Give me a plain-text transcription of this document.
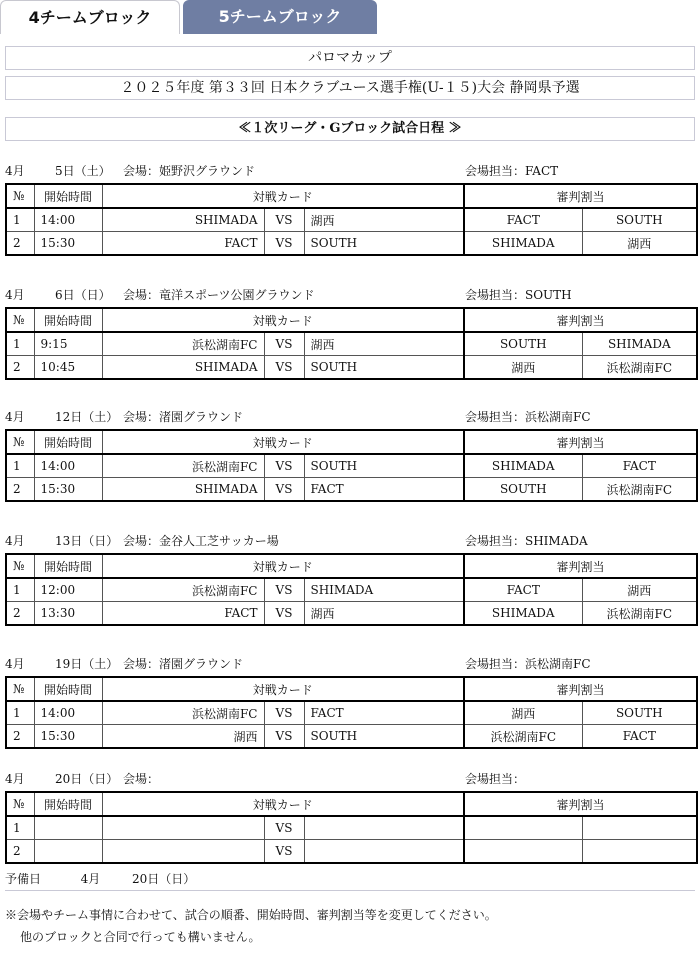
4チームブロック	5チームブロック
パロマカップ
２０２５年度 第３３回 日本クラブユース選手権(U-１５)大会 静岡県予選
≪１次リーグ・Gブロック試合日程 ≫
4月	5日（土） 会場：姫野沢グラウンド	会場担当：FACT
№	開始時間	対戦カード			審判割当	
1	14:00	SHIMADA	VS	湖西	FACT	SOUTH
2	15:30	FACT	VS	SOUTH	SHIMADA	湖西
4月	6日（日） 会場：竜洋スポーツ公園グラウンド	会場担当：SOUTH
№	開始時間	対戦カード			審判割当	
1	9:15	浜松湖南FC	VS	湖西	SOUTH	SHIMADA
2	10:45	SHIMADA	VS	SOUTH	湖西	浜松湖南FC
4月	12日（土） 会場：渚園グラウンド	会場担当：浜松湖南FC
№	開始時間	対戦カード			審判割当	
1	14:00	浜松湖南FC	VS	SOUTH	SHIMADA	FACT
2	15:30	SHIMADA	VS	FACT	SOUTH	浜松湖南FC
4月	13日（日） 会場：金谷人工芝サッカー場	会場担当：SHIMADA
№	開始時間	対戦カード			審判割当	
1	12:00	浜松湖南FC	VS	SHIMADA	FACT	湖西
2	13:30	FACT	VS	湖西	SHIMADA	浜松湖南FC
4月	19日（土） 会場：渚園グラウンド	会場担当：浜松湖南FC
№	開始時間	対戦カード			審判割当	
1	14:00	浜松湖南FC	VS	FACT	湖西	SOUTH
2	15:30	湖西	VS	SOUTH	浜松湖南FC	FACT
4月	20日（日） 会場：	会場担当：
№	開始時間	対戦カード			審判割当	
1			VS			
2			VS			
予備日	4月	20日（日）
※会場やチーム事情に合わせて、試合の順番、開始時間、審判割当等を変更してください。
他のブロックと合同で行っても構いません。
